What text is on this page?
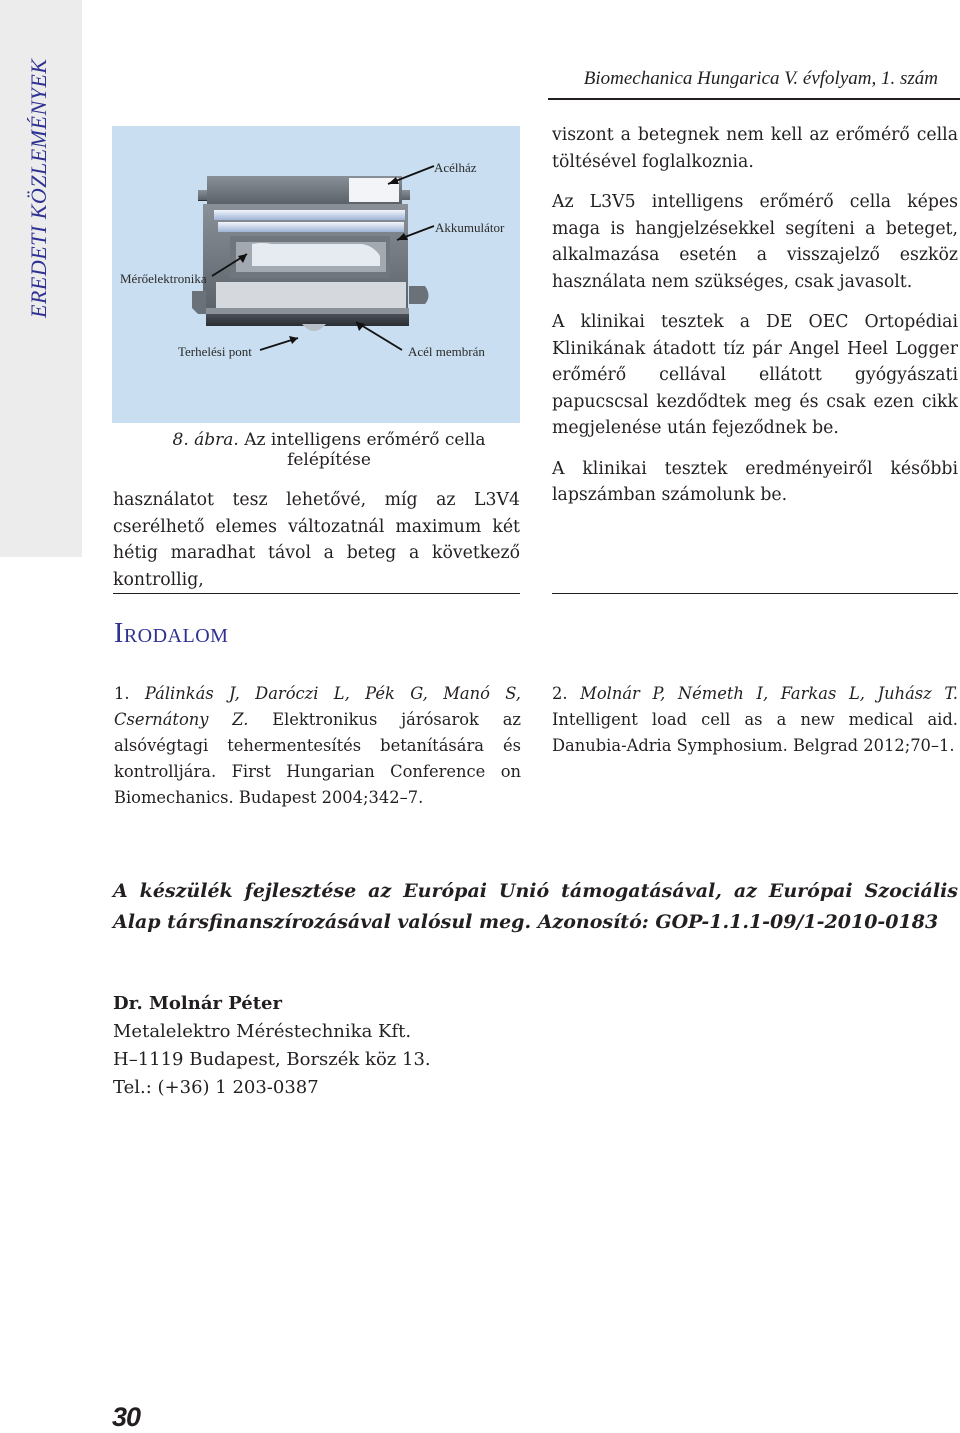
EREDETI KÖZLEMÉNYEK	Biomechanica Hungarica V. évfolyam, 1. szám
Acélház
Akkumulátor
Mérőelektronika
Terhelési pont	Acél membrán
8. ábra. Az intelligens erőmérő cella felépítése

használatot tesz lehetővé, míg az L3V4 cserélhető elemes változatnál maximum két hétig maradhat távol a beteg a következő kontrollig,

viszont a betegnek nem kell az erőmérő cella töltésével foglalkoznia.

Az L3V5 intelligens erőmérő cella képes maga is hangjelzésekkel segíteni a beteget, alkalmazása esetén a visszajelző eszköz használata nem szükséges, csak javasolt.

A klinikai tesztek a DE OEC Ortopédiai Klinikának átadott tíz pár Angel Heel Logger erőmérő cellával ellátott gyógyászati papucscsal kezdődtek meg és csak ezen cikk megjelenése után fejeződnek be.

A klinikai tesztek eredményeiről későbbi lapszámban számolunk be.

Irodalom
1. Pálinkás J, Daróczi L, Pék G, Manó S, Csernátony Z. Elektronikus járósarok az alsóvégtagi tehermentesítés betanítására és kontrolljára. First Hungarian Conference on Biomechanics. Budapest 2004;342–7.
2. Molnár P, Németh I, Farkas L, Juhász T. Intelligent load cell as a new medical aid. Danubia-Adria Symphosium. Belgrad 2012;70–1.
A készülék fejlesztése az Európai Unió támogatásával, az Európai Szociális Alap társfinanszírozásával valósul meg. Azonosító: GOP-1.1.1-09/1-2010-0183
Dr. Molnár Péter
Metalelektro Méréstechnika Kft.
H–1119 Budapest, Borszék köz 13.
Tel.: (+36) 1 203-0387
30
